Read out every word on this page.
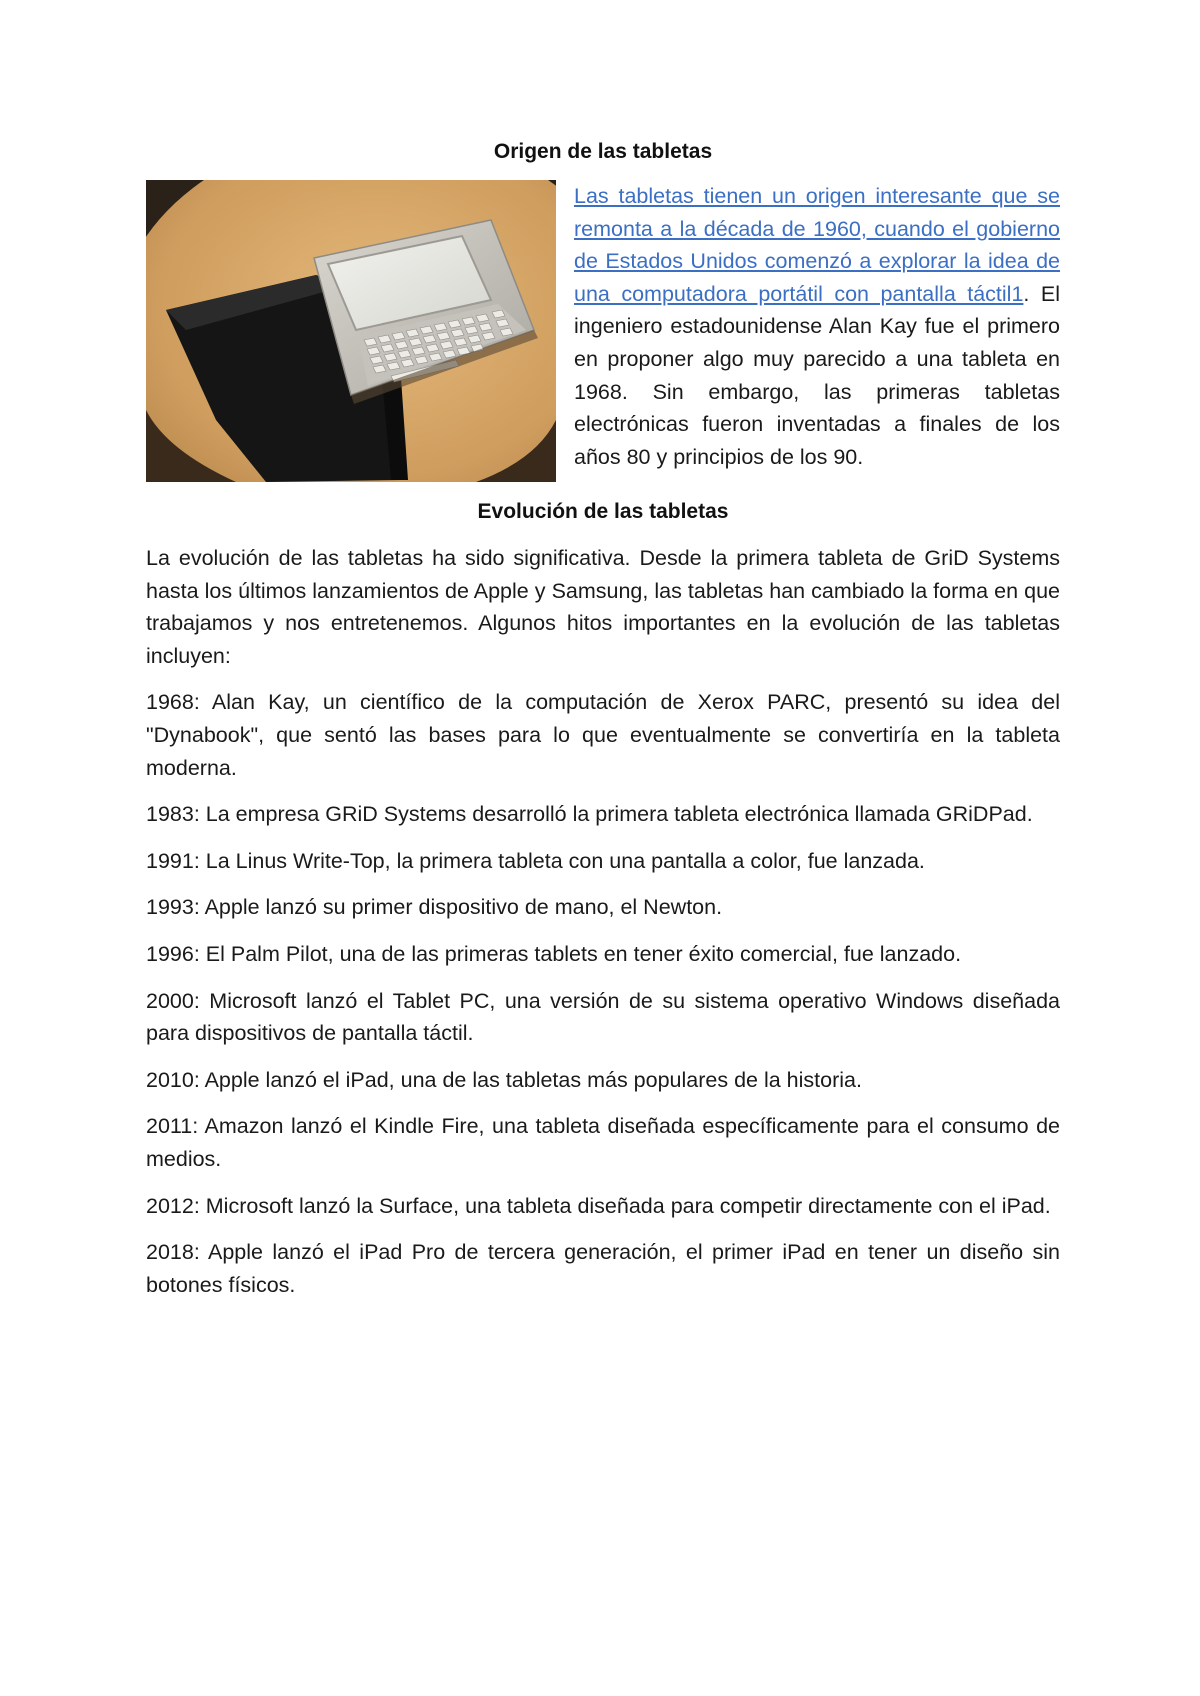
Origen de las tabletas
Las tabletas tienen un origen interesante que se remonta a la década de 1960, cuando el gobierno de Estados Unidos comenzó a explorar la idea de una computadora portátil con pantalla táctil1. El ingeniero estadounidense Alan Kay fue el primero en proponer algo muy parecido a una tableta en 1968. Sin embargo, las primeras tabletas electrónicas fueron inventadas a finales de los años 80 y principios de los 90.
Evolución de las tabletas

La evolución de las tabletas ha sido significativa. Desde la primera tableta de GriD Systems hasta los últimos lanzamientos de Apple y Samsung, las tabletas han cambiado la forma en que trabajamos y nos entretenemos. Algunos hitos importantes en la evolución de las tabletas incluyen:

1968: Alan Kay, un científico de la computación de Xerox PARC, presentó su idea del "Dynabook", que sentó las bases para lo que eventualmente se convertiría en la tableta moderna.

1983: La empresa GRiD Systems desarrolló la primera tableta electrónica llamada GRiDPad.

1991: La Linus Write-Top, la primera tableta con una pantalla a color, fue lanzada.

1993: Apple lanzó su primer dispositivo de mano, el Newton.

1996: El Palm Pilot, una de las primeras tablets en tener éxito comercial, fue lanzado.

2000: Microsoft lanzó el Tablet PC, una versión de su sistema operativo Windows diseñada para dispositivos de pantalla táctil.

2010: Apple lanzó el iPad, una de las tabletas más populares de la historia.

2011: Amazon lanzó el Kindle Fire, una tableta diseñada específicamente para el consumo de medios.

2012: Microsoft lanzó la Surface, una tableta diseñada para competir directamente con el iPad.

2018: Apple lanzó el iPad Pro de tercera generación, el primer iPad en tener un diseño sin botones físicos.
